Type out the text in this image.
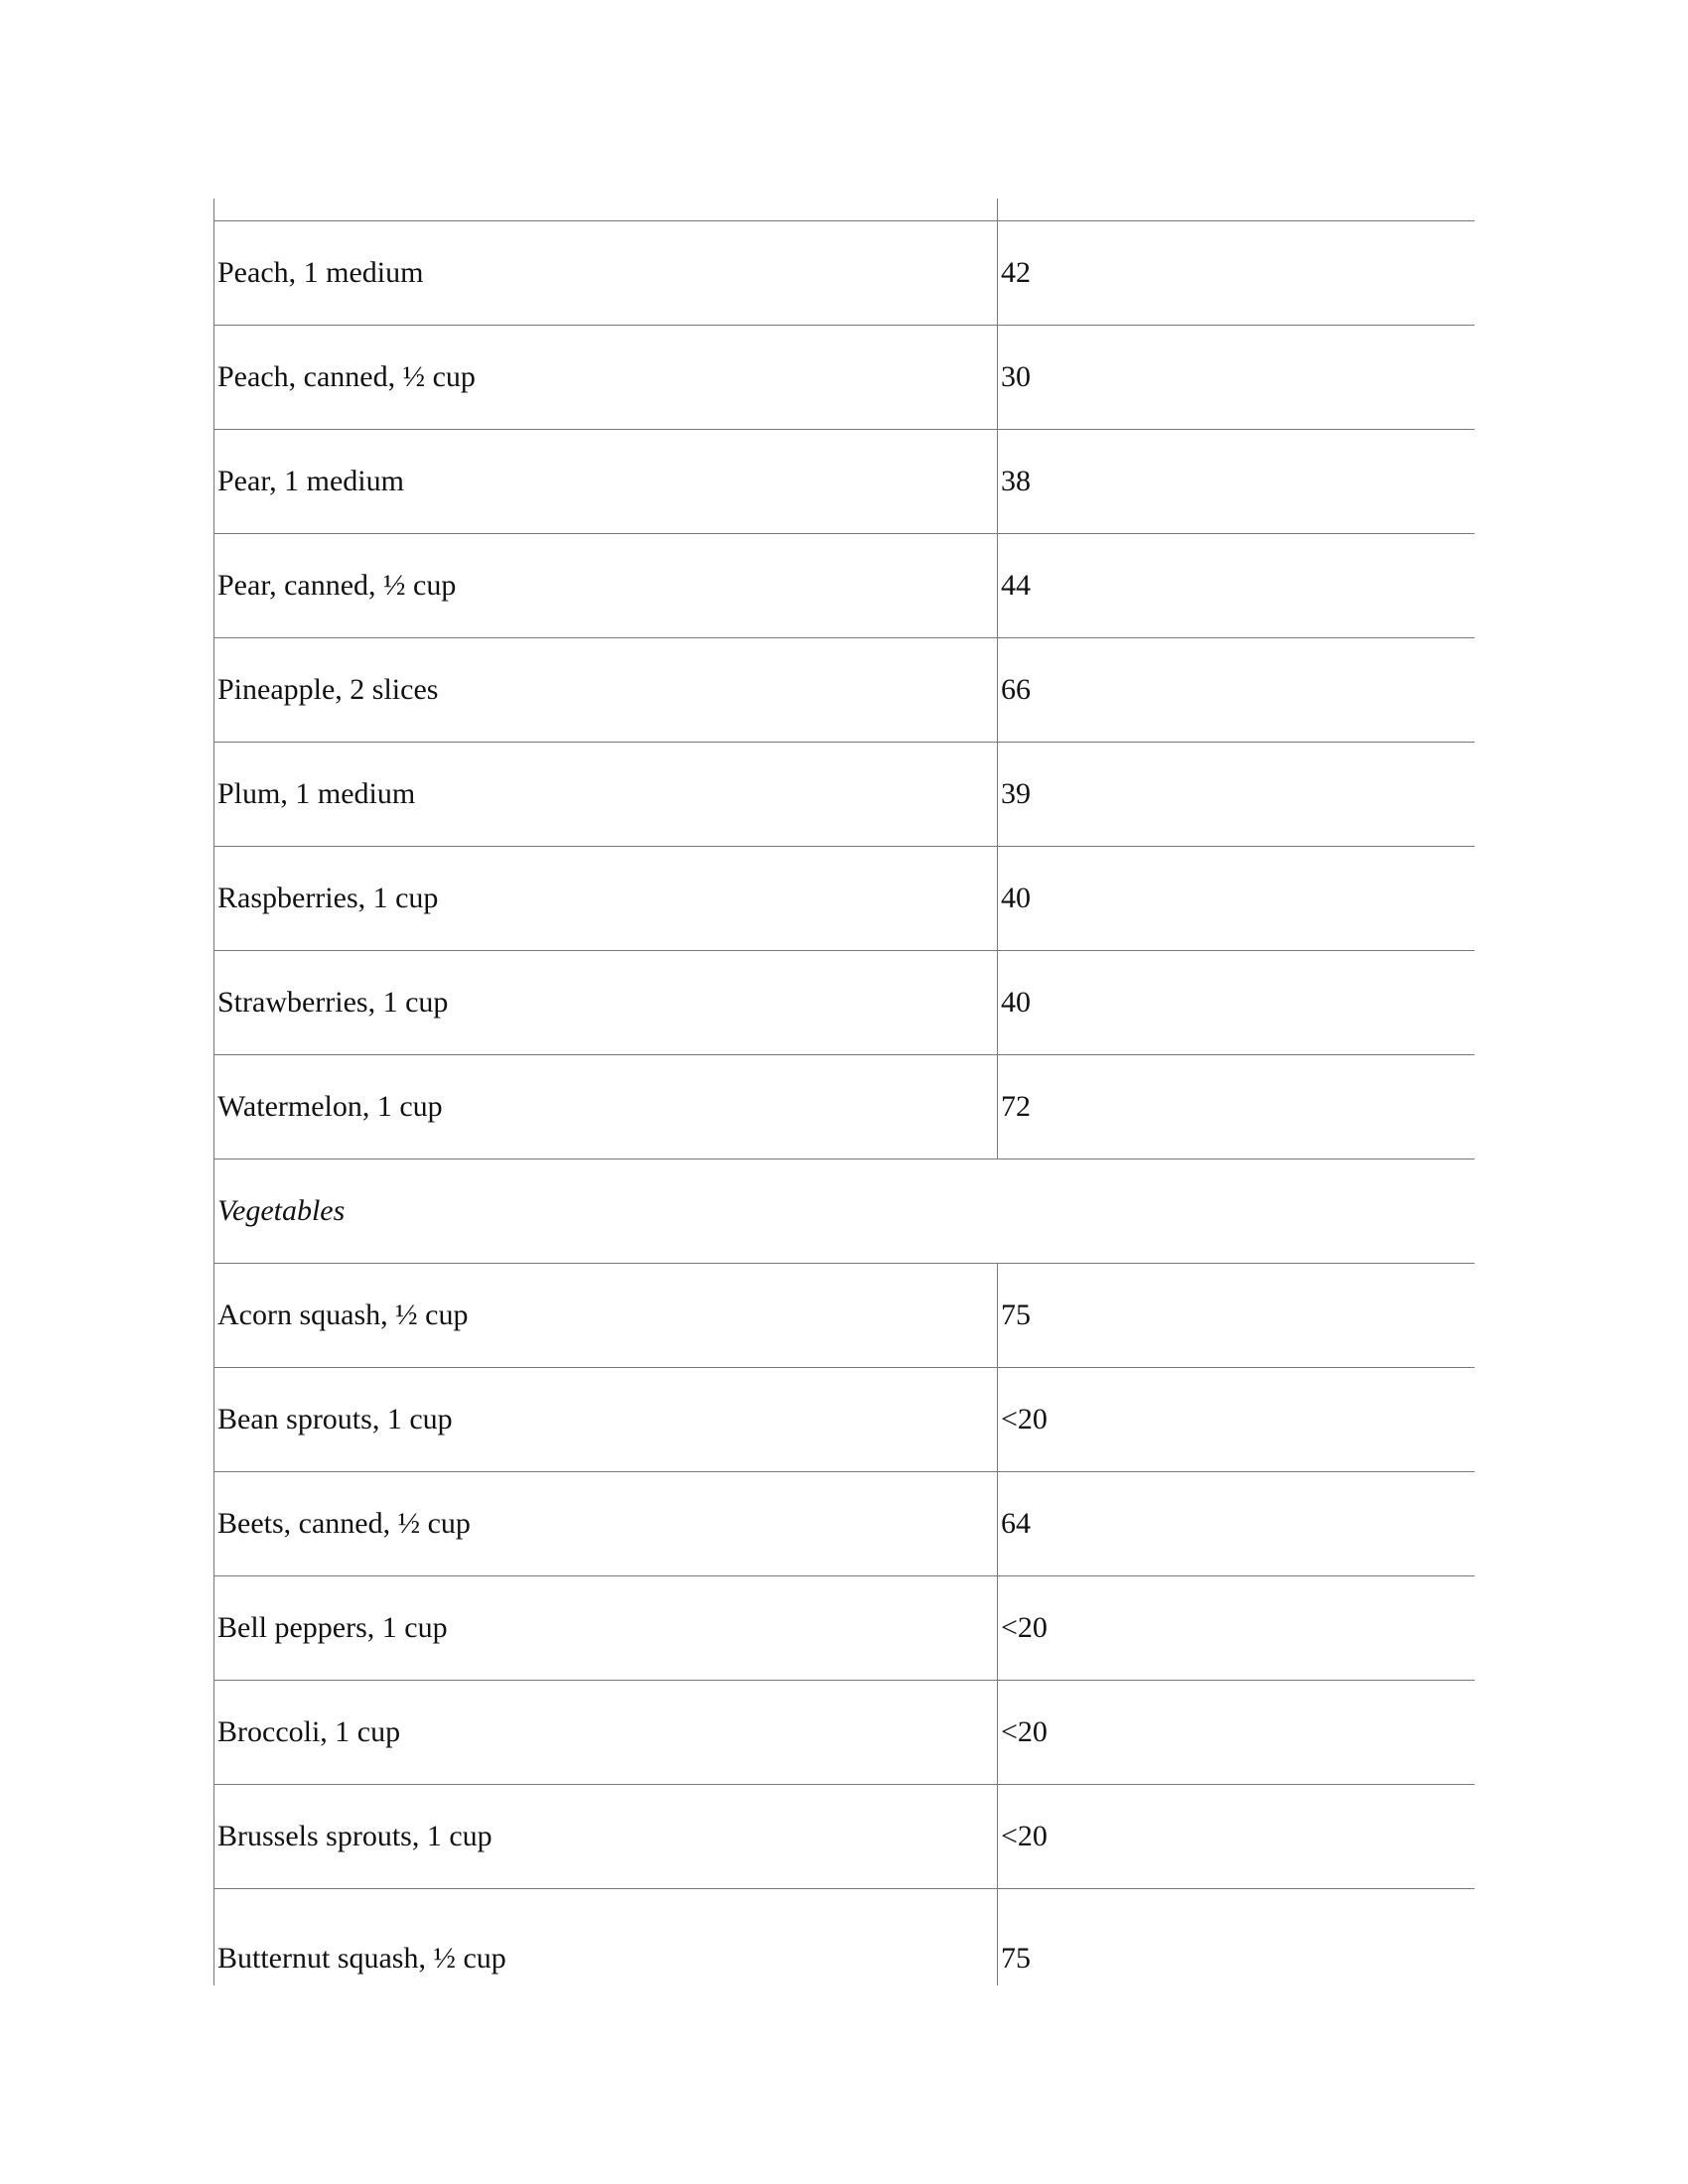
Peach, 1 medium	42
Peach, canned, ½ cup	30
Pear, 1 medium	38
Pear, canned, ½ cup	44
Pineapple, 2 slices	66
Plum, 1 medium	39
Raspberries, 1 cup	40
Strawberries, 1 cup	40
Watermelon, 1 cup	72
Vegetables	
Acorn squash, ½ cup	75
Bean sprouts, 1 cup	<20
Beets, canned, ½ cup	64
Bell peppers, 1 cup	<20
Broccoli, 1 cup	<20
Brussels sprouts, 1 cup	<20
Butternut squash, ½ cup	75
